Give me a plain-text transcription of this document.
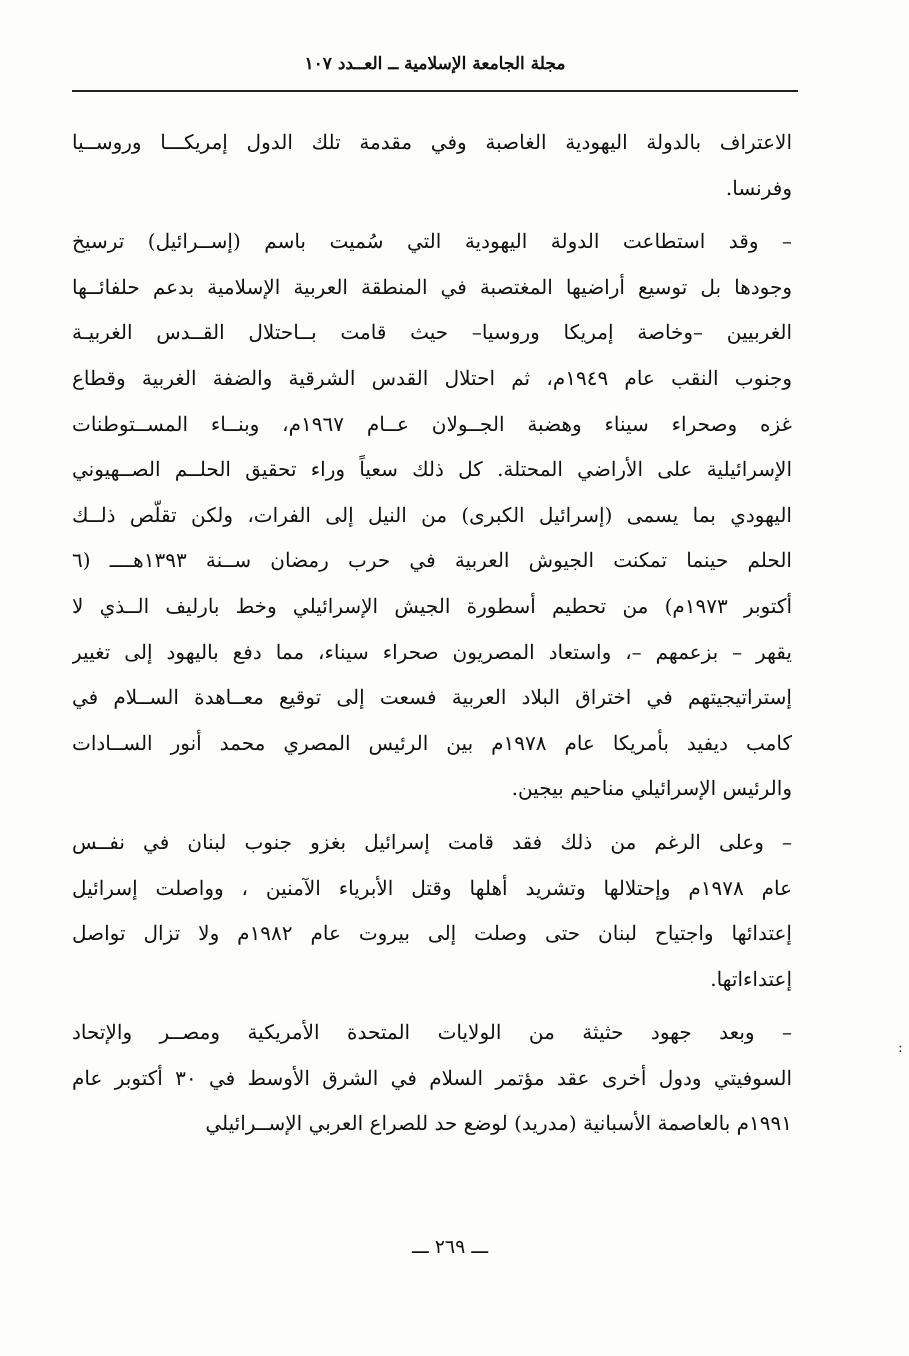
مجلة الجامعة الإسلامية ــ العــدد ١٠٧
الاعتراف بالدولة اليهودية الغاصبة وفي مقدمة تلك الدول إمريكـــا وروســيا
وفرنسا.
– وقد استطاعت الدولة اليهودية التي سُميت باسم (إســرائيل) ترسيخ
وجودها بل توسيع أراضيها المغتصبة في المنطقة العربية الإسلامية بدعم حلفائــها
الغربيين –وخاصة إمريكا وروسيا– حيث قامت بــاحتلال القــدس الغربيـة
وجنوب النقب عام ١٩٤٩م، ثم احتلال القدس الشرقية والضفة الغربية وقطاع
غزه وصحراء سيناء وهضبة الجــولان عــام ١٩٦٧م، وبنــاء المســتوطنات
الإسرائيلية على الأراضي المحتلة. كل ذلك سعياً وراء تحقيق الحلــم الصــهيوني
اليهودي بما يسمى (إسرائيل الكبرى) من النيل إلى الفرات، ولكن تقلّص ذلــك
الحلم حينما تمكنت الجيوش العربية في حرب رمضان ســنة ١٣٩٣هــــ (٦
أكتوبر ١٩٧٣م) من تحطيم أسطورة الجيش الإسرائيلي وخط بارليف الــذي لا
يقهر – بزعمهم –، واستعاد المصريون صحراء سيناء، مما دفع باليهود إلى تغيير
إستراتيجيتهم في اختراق البلاد العربية فسعت إلى توقيع معــاهدة الســلام في
كامب ديفيد بأمريكا عام ١٩٧٨م بين الرئيس المصري محمد أنور الســادات
والرئيس الإسرائيلي مناحيم بيجين.
– وعلى الرغم من ذلك فقد قامت إسرائيل بغزو جنوب لبنان في نفــس
عام ١٩٧٨م وإحتلالها وتشريد أهلها وقتل الأبرياء الآمنين ، وواصلت إسرائيل
إعتدائها واجتياح لبنان حتى وصلت إلى بيروت عام ١٩٨٢م ولا تزال تواصل
إعتداءاتها.
– وبعد جهود حثيثة من الولايات المتحدة الأمريكية ومصــر والإتحاد
السوفيتي ودول أخرى عقد مؤتمر السلام في الشرق الأوسط في ٣٠ أكتوبر عام
١٩٩١م بالعاصمة الأسبانية (مدريد) لوضع حد للصراع العربي الإســرائيلي
ـــ ٢٦٩ ـــ
:
